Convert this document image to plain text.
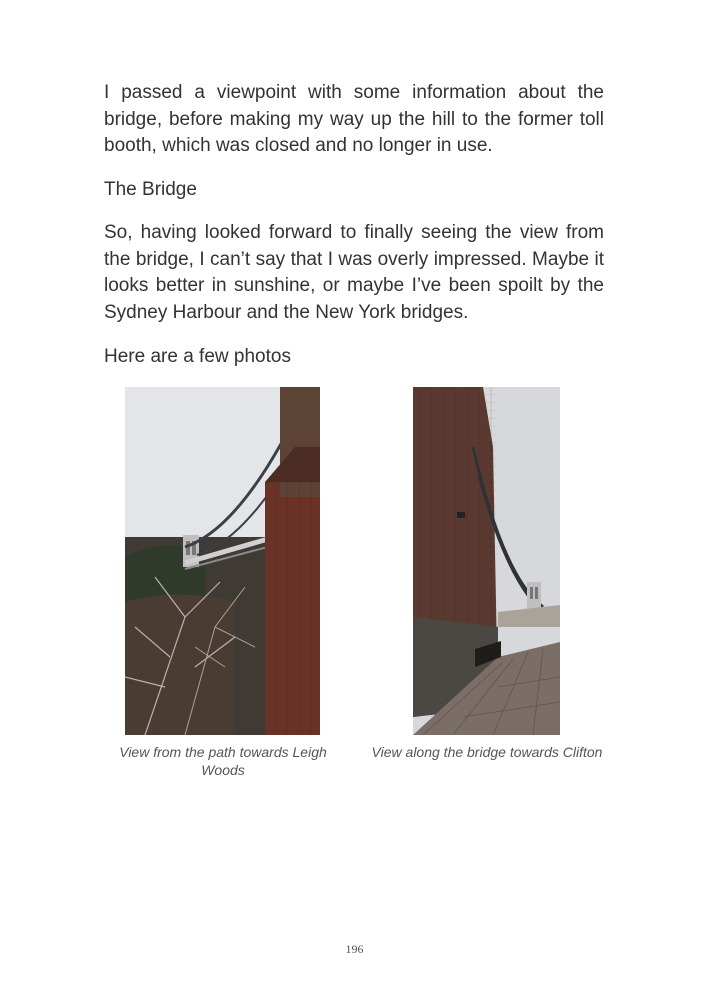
I passed a viewpoint with some information about the bridge, before making my way up the hill to the former toll booth, which was closed and no longer in use.

The Bridge

So, having looked forward to finally seeing the view from the bridge, I can’t say that I was overly impressed. Maybe it looks better in sunshine, or maybe I’ve been spoilt by the Sydney Harbour and the New York bridges.

Here are a few photos

View from the path towards Leigh Woods

View along the bridge towards Clifton

196
